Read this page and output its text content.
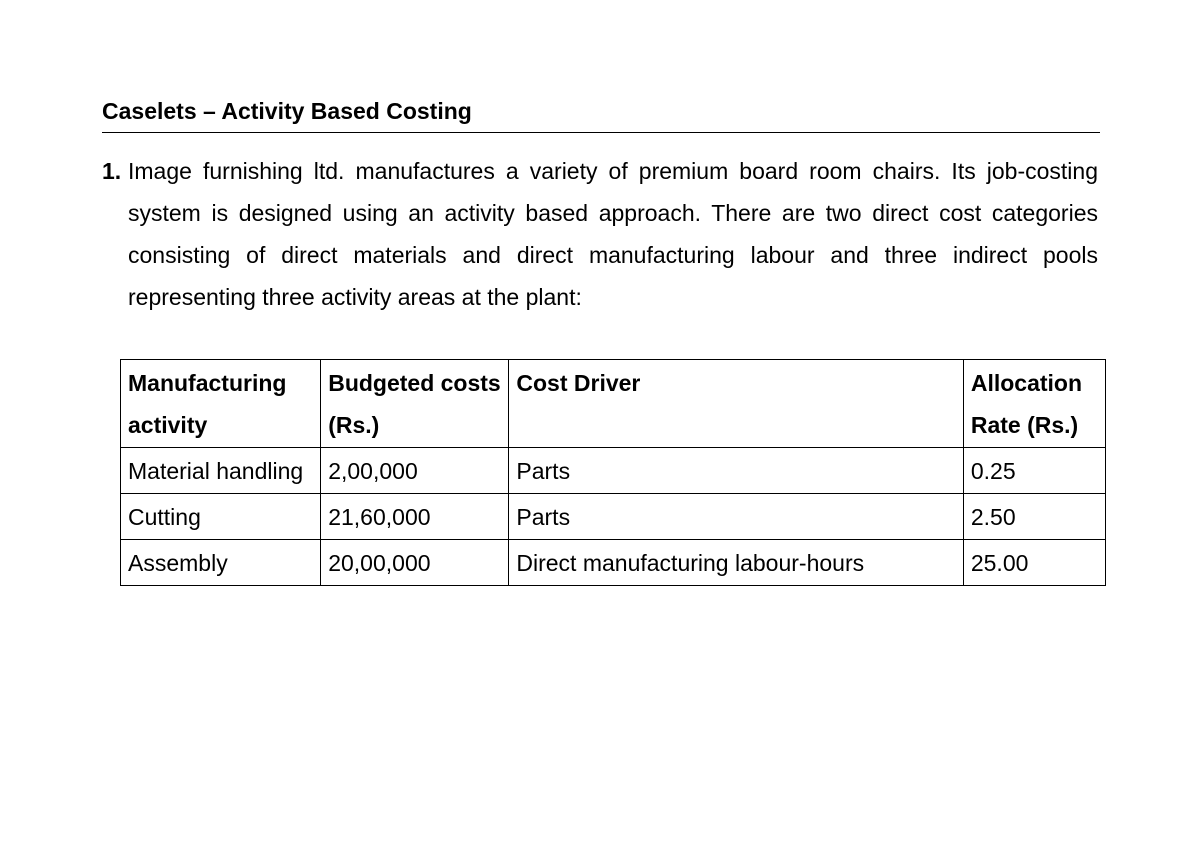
Caselets – Activity Based Costing
1. Image furnishing ltd. manufactures a variety of premium board room chairs. Its job-costing system is designed using an activity based approach. There are two direct cost categories consisting of direct materials and direct manufacturing labour and three indirect pools representing three activity areas at the plant:
Manufacturing activity	Budgeted costs (Rs.)	Cost Driver	Allocation Rate (Rs.)
Material handling	2,00,000	Parts	0.25
Cutting	21,60,000	Parts	2.50
Assembly	20,00,000	Direct manufacturing labour-hours	25.00
